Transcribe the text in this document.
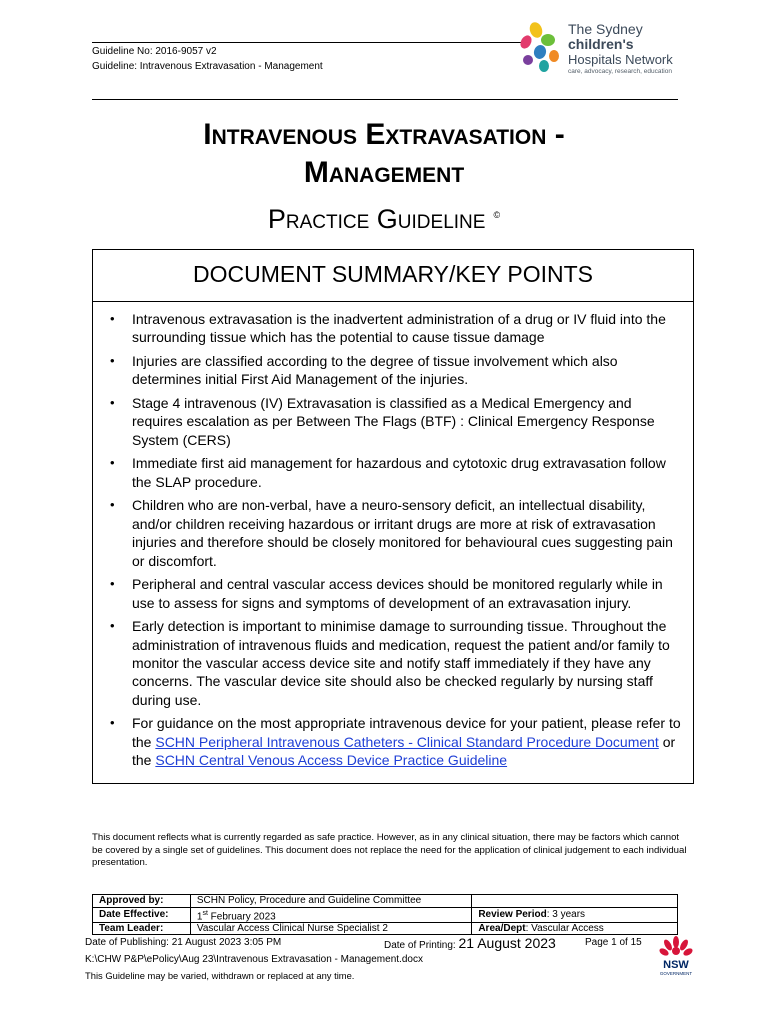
Guideline No: 2016-9057 v2
Guideline: Intravenous Extravasation - Management
The Sydney
children's
Hospitals Network
care, advocacy, research, education
Intravenous Extravasation -
Management
Practice Guideline ©
DOCUMENT SUMMARY/KEY POINTS
• Intravenous extravasation is the inadvertent administration of a drug or IV fluid into the surrounding tissue which has the potential to cause tissue damage
• Injuries are classified according to the degree of tissue involvement which also determines initial First Aid Management of the injuries.
• Stage 4 intravenous (IV) Extravasation is classified as a Medical Emergency and requires escalation as per Between The Flags (BTF) : Clinical Emergency Response System (CERS)
• Immediate first aid management for hazardous and cytotoxic drug extravasation follow the SLAP procedure.
• Children who are non-verbal, have a neuro-sensory deficit, an intellectual disability, and/or children receiving hazardous or irritant drugs are more at risk of extravasation injuries and therefore should be closely monitored for behavioural cues suggesting pain or discomfort.
• Peripheral and central vascular access devices should be monitored regularly while in use to assess for signs and symptoms of development of an extravasation injury.
• Early detection is important to minimise damage to surrounding tissue. Throughout the administration of intravenous fluids and medication, request the patient and/or family to monitor the vascular access device site and notify staff immediately if they have any concerns. The vascular device site should also be checked regularly by nursing staff during use.
• For guidance on the most appropriate intravenous device for your patient, please refer to the SCHN Peripheral Intravenous Catheters - Clinical Standard Procedure Document or the SCHN Central Venous Access Device Practice Guideline
This document reflects what is currently regarded as safe practice. However, as in any clinical situation, there may be factors which cannot be covered by a single set of guidelines. This document does not replace the need for the application of clinical judgement to each individual presentation.
Approved by:	SCHN Policy, Procedure and Guideline Committee	
Date Effective:	1st February 2023	Review Period: 3 years
Team Leader:	Vascular Access Clinical Nurse Specialist 2	Area/Dept: Vascular Access
Date of Publishing: 21 August 2023 3:05 PM	Date of Printing: 21 August 2023	Page 1 of 15
K:\CHW P&P\ePolicy\Aug 23\Intravenous Extravasation - Management.docx
This Guideline may be varied, withdrawn or replaced at any time.
NSW
GOVERNMENT
